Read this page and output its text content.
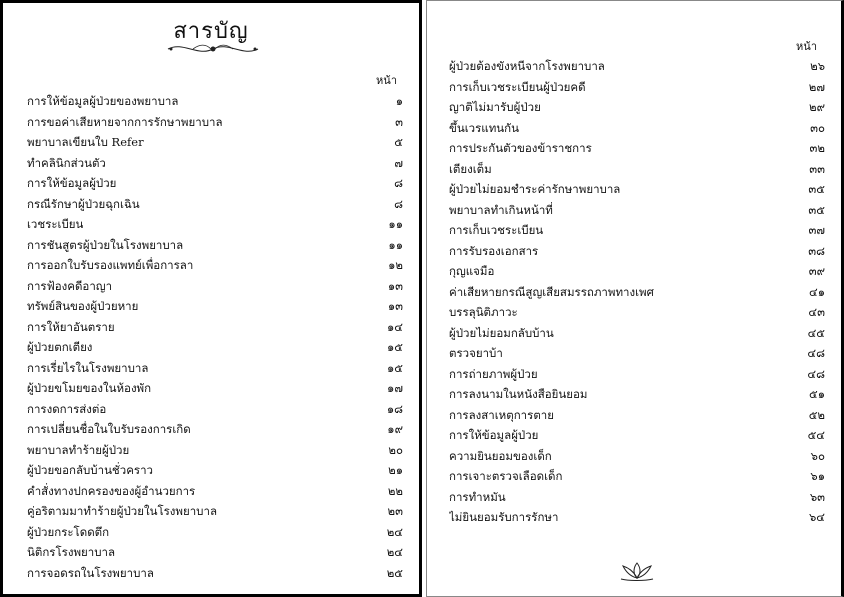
สารบัญ
หน้า
การให้ข้อมูลผู้ป่วยของพยาบาล	๑
การขอค่าเสียหายจากการรักษาพยาบาล	๓
พยาบาลเขียนใบ Refer	๕
ทำคลินิกส่วนตัว	๗
การให้ข้อมูลผู้ป่วย	๘
กรณีรักษาผู้ป่วยฉุกเฉิน	๘
เวชระเบียน	๑๑
การชันสูตรผู้ป่วยในโรงพยาบาล	๑๑
การออกใบรับรองแพทย์เพื่อการลา	๑๒
การฟ้องคดีอาญา	๑๓
ทรัพย์สินของผู้ป่วยหาย	๑๓
การให้ยาอันตราย	๑๔
ผู้ป่วยตกเตียง	๑๕
การเรี่ยไรในโรงพยาบาล	๑๕
ผู้ป่วยขโมยของในห้องพัก	๑๗
การงดการส่งต่อ	๑๘
การเปลี่ยนชื่อในใบรับรองการเกิด	๑๙
พยาบาลทำร้ายผู้ป่วย	๒๐
ผู้ป่วยขอกลับบ้านชั่วคราว	๒๑
คำสั่งทางปกครองของผู้อำนวยการ	๒๒
คู่อริตามมาทำร้ายผู้ป่วยในโรงพยาบาล	๒๓
ผู้ป่วยกระโดดตึก	๒๔
นิติกรโรงพยาบาล	๒๔
การจอดรถในโรงพยาบาล	๒๕
หน้า
ผู้ป่วยต้องขังหนีจากโรงพยาบาล	๒๖
การเก็บเวชระเบียนผู้ป่วยคดี	๒๗
ญาติไม่มารับผู้ป่วย	๒๙
ขึ้นเวรแทนกัน	๓๐
การประกันตัวของข้าราชการ	๓๒
เตียงเต็ม	๓๓
ผู้ป่วยไม่ยอมชำระค่ารักษาพยาบาล	๓๕
พยาบาลทำเกินหน้าที่	๓๕
การเก็บเวชระเบียน	๓๗
การรับรองเอกสาร	๓๘
กุญแจมือ	๓๙
ค่าเสียหายกรณีสูญเสียสมรรถภาพทางเพศ	๔๑
บรรลุนิติภาวะ	๔๓
ผู้ป่วยไม่ยอมกลับบ้าน	๔๕
ตรวจยาบ้า	๔๘
การถ่ายภาพผู้ป่วย	๔๘
การลงนามในหนังสือยินยอม	๕๑
การลงสาเหตุการตาย	๕๒
การให้ข้อมูลผู้ป่วย	๕๔
ความยินยอมของเด็ก	๖๐
การเจาะตรวจเลือดเด็ก	๖๑
การทำหมัน	๖๓
ไม่ยินยอมรับการรักษา	๖๔
